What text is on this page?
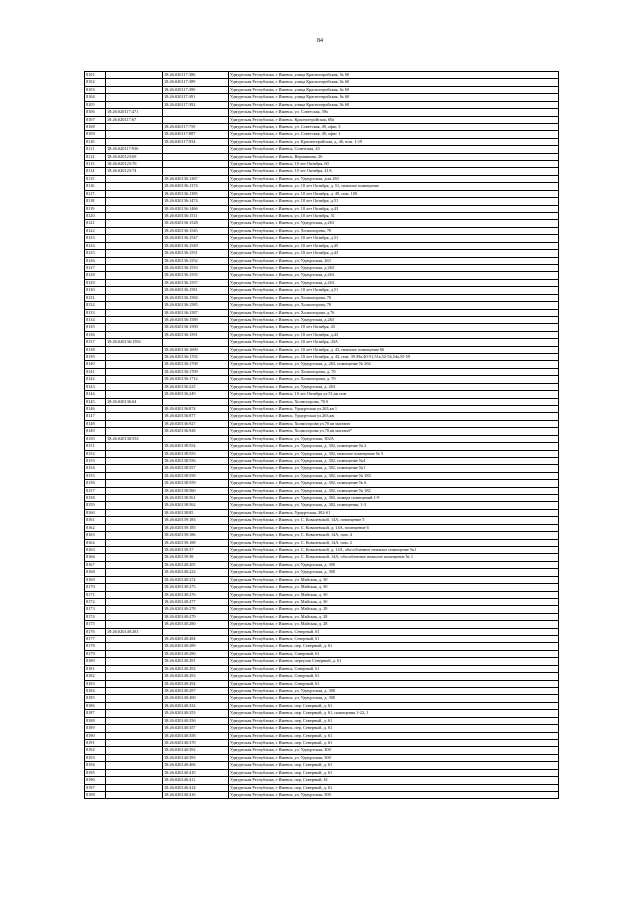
84
8101		18:26:020117:386	Удмуртская Республика, г Ижевск, улица Красногеройская, № 60
8102		18:26:020117:389	Удмуртская Республика, г Ижевск, улица Красногеройская, № 60
8103		18:26:020117:390	Удмуртская Республика, г Ижевск, улица Красногеройская, № 60
8104		18:26:020117:391	Удмуртская Республика, г Ижевск, улица Красногеройская, № 60
8105		18:26:020117:392	Удмуртская Республика, г Ижевск, улица Красногеройская, № 60
8106	18:26:020117:471		Удмуртская Республика, г Ижевск, ул. Советская, 39а
8107	18:26:020117:67		Удмуртская Республика, г Ижевск, Красногеройская, 60а
8108		18:26:020117:759	Удмуртская Республика, г Ижевск, ул. Советская, 49, офис 3
8109		18:26:020117:887	Удмуртская Республика, г Ижевск, ул. Советская, 49, офис 1
8110		18:26:020117:934	Удмуртская Республика, г Ижевск, ул. Красногеройская, д. 46, пом. 1-19
8111	18:26:020117:936		Удмуртская Республика, г Ижевск, Советская, 43
8112	18:26:020123:69		Удмуртская Республика, г Ижевск, Вершинина, 26
8113	18:26:020123:70		Удмуртская Республика, г Ижевск, 10 лет Октября, 60
8114	18:26:020123:74		Удмуртская Республика, г Ижевск, 10 лет Октября, 41А
8115		18:26:020136:1367	Удмуртская Республика, г Ижевск, ул. Удмуртская, дом 263
8116		18:26:020136:1374	Удмуртская Республика, г Ижевск, ул. 10 лет Октября, д. 51, нежилое помещение
8117		18:26:020136:1385	Удмуртская Республика, г Ижевск, ул. 10 лет Октября, д. 49, пом. 100
8118		18:26:020136:1474	Удмуртская Республика, г Ижевск, ул. 10 лет Октября, д.51
8119		18:26:020136:1466	Удмуртская Республика, г Ижевск, ул. 10 лет Октября, д.43
8120		18:26:020136:1511	Удмуртская Республика, г Ижевск, ул. 10 лет Октября, 51
8121		18:26:020136:1528	Удмуртская Республика, г Ижевск, ул. Удмуртская, д.263
8122		18:26:020136:1545	Удмуртская Республика, г Ижевск, ул. Холмогорова, 70
8123		18:26:020136:1547	Удмуртская Республика, г Ижевск, ул. 10 лет Октября, д.51
8124		18:26:020136:1549	Удмуртская Республика, г Ижевск, ул. 10 лет Октября, д.45
8125		18:26:020136:1551	Удмуртская Республика, г Ижевск, ул. 10 лет Октября, д.43
8126		18:26:020136:1552	Удмуртская Республика, г Ижевск, ул. Удмуртская, 263
8127		18:26:020136:1553	Удмуртская Республика, г Ижевск, ул. Удмуртская, д.263
8128		18:26:020136:1555	Удмуртская Республика, г Ижевск, ул. Удмуртская, д.263
8129		18:26:020136:1557	Удмуртская Республика, г Ижевск, ул. Удмуртская, д.263
8130		18:26:020136:1581	Удмуртская Республика, г Ижевск, ул. 10 лет Октября, д.51
8131		18:26:020136:1584	Удмуртская Республика, г Ижевск, ул. Холмогорова, 70
8132		18:26:020136:1585	Удмуртская Республика, г Ижевск, ул. Холмогорова, 70
8133		18:26:020136:1587	Удмуртская Республика, г Ижевск, ул. Холмогорова, д.76
8134		18:26:020136:1589	Удмуртская Республика, г Ижевск, ул. Удмуртская, д.263
8135		18:26:020136:1590	Удмуртская Республика, г Ижевск, ул. 10 лет Октября, 43
8136		18:26:020136:1591	Удмуртская Республика, г Ижевск, ул. 10 лет Октября, д.43
8137	18:26:020136:1592		Удмуртская Республика, г Ижевск, ул. 10 лет Октября, 43А
8138		18:26:020136:1699	Удмуртская Республика, г Ижевск, ул. 10 лет Октября, д. 43, нежилое помещение 66
8139		18:26:020136:1702	Удмуртская Республика, г Ижевск, ул. 10 лет Октября, д. 43, пом. 39,39а,40-51,51а,52-54,54а,55-59
8140		18:26:020136:1708	Удмуртская Республика, г Ижевск, ул. Удмуртская, д. 263, помещение № 264
8141		18:26:020136:1709	Удмуртская Республика, г Ижевск, ул. Холмогорова, д. 70
8142		18:26:020136:1712	Удмуртская Республика, г Ижевск, ул. Холмогорова, д. 70
8143		18:26:020136:223	Удмуртская Республика, г Ижевск, ул. Удмуртская, д. 263
8144		18:26:020136:249	Удмуртская Республика, г Ижевск, 10 лет Октября ул.51,ки пом
8145	18:26:020136:64		Удмуртская Республика, г Ижевск, Холмогорова, 70 б
8146		18:26:020136:874	Удмуртская Республика, г Ижевск, Удмуртская ул.263,кв 1
8147		18:26:020136:877	Удмуртская Республика, г Ижевск, Удмуртская ул.263,кв.
8148		18:26:020136:927	Удмуртская Республика, г Ижевск, Холмогорова ул.70 кв магазин
8149		18:26:020136:928	Удмуртская Республика, г Ижевск, Холмогорова ул.70,кв магазин*
8150	18:26:020138:553		Удмуртская Республика, г Ижевск, ул. Удмуртская, 302А
8151		18:26:020138:554	Удмуртская Республика, г Ижевск, ул. Удмуртская, д. 302, помещение № 2
8152		18:26:020138:555	Удмуртская Республика, г Ижевск, ул. Удмуртская, д. 302, нежилое помещение № 5
8153		18:26:020138:556	Удмуртская Республика, г Ижевск, ул. Удмуртская, д. 302, помещение №4
8154		18:26:020138:557	Удмуртская Республика, г Ижевск, ул. Удмуртская, д. 302, помещение №1
8155		18:26:020138:558	Удмуртская Республика, г Ижевск, ул. Удмуртская, д. 302, помещение № 183
8156		18:26:020138:559	Удмуртская Республика, г Ижевск, ул. Удмуртская, д. 302, помещение № 6
8157		18:26:020138:560	Удмуртская Республика, г Ижевск, ул. Удмуртская, д. 302, помещение № 182
8158		18:26:020138:561	Удмуртская Республика, г Ижевск, ул. Удмуртская, д. 302, номера помещений 1-9
8159		18:26:020138:562	Удмуртская Республика, г Ижевск, ул. Удмуртская, д. 302, помещения, 1-3
8160		18:26:020138:85	Удмуртская Республика, г Ижевск, Удмуртская, 302-б1
8161		18:26:020139:183	Удмуртская Республика, г Ижевск, ул. С. Ковалевской, 14А, помещение 5
8162		18:26:020139:185	Удмуртская Республика, г Ижевск, ул. С. Ковалевской, д. 14А, помещение 6
8163		18:26:020139:186	Удмуртская Республика, г Ижевск, ул. С. Ковалевской, 14А, пом. 4
8164		18:26:020139:188	Удмуртская Республика, г Ижевск, ул. С. Ковалевской, 14А, пом. 2
8165		18:26:020139:37	Удмуртская Республика, г Ижевск, ул. С. Ковалевской, д. 14А, обособленное нежилое помещение №1
8166		18:26:020139:38	Удмуртская Республика, г Ижевск, ул. С. Ковалевской, 14А, обособленное нежилое помещение № 1
8167		18:26:020140:205	Удмуртская Республика, г Ижевск, ул. Удмуртская, д. 300
8168		18:26:020140:223	Удмуртская Республика, г Ижевск, ул. Удмуртская, д. 300
8169		18:26:020140:274	Удмуртская Республика, г Ижевск, ул. Майская, д. 30
8170		18:26:020140:275	Удмуртская Республика, г Ижевск, ул. Майская, д. 30
8171		18:26:020140:276	Удмуртская Республика, г Ижевск, ул. Майская, д. 30
8172		18:26:020140:277	Удмуртская Республика, г Ижевск, ул. Майская, д. 30
8173		18:26:020140:278	Удмуртская Республика, г Ижевск, ул. Майская, д. 28
8174		18:26:020140:279	Удмуртская Республика, г Ижевск, ул. Майская, д. 28
8175		18:26:020140:280	Удмуртская Республика, г Ижевск, ул. Майская, д. 28
8176	18:26:020140:281		Удмуртская Республика, г Ижевск, Северный, 61
8177		18:26:020140:284	Удмуртская Республика, г Ижевск, Северный, 61
8178		18:26:020140:289	Удмуртская Республика, г Ижевск, пер. Северный, д. 61
8179		18:26:020140:290	Удмуртская Республика, г Ижевск, Северный, 61
8180		18:26:020140:291	Удмуртская Республика, г Ижевск, переулок Северный, д. 61
8181		18:26:020140:292	Удмуртская Республика, г Ижевск, Северный, 61
8182		18:26:020140:293	Удмуртская Республика, г Ижевск, Северный, 61
8183		18:26:020140:294	Удмуртская Республика, г Ижевск, Северный, 61
8184		18:26:020140:297	Удмуртская Республика, г Ижевск, ул. Удмуртская, д. 300
8185		18:26:020140:300	Удмуртская Республика, г Ижевск, ул. Удмуртская, д. 300
8186		18:26:020140:332	Удмуртская Республика, г Ижевск, пер. Северный, д. 61
8187		18:26:020140:353	Удмуртская Республика, г Ижевск, пер. Северный, д. 61, помещения 1-22, 1
8188		18:26:020140:356	Удмуртская Республика, г Ижевск, пер. Северный, д. 61
8189		18:26:020140:357	Удмуртская Республика, г Ижевск, пер. Северный, д. 61
8190		18:26:020140:358	Удмуртская Республика, г Ижевск, пер. Северный, д. 61
8191		18:26:020140:370	Удмуртская Республика, г Ижевск, пер. Северный, д. 61
8192		18:26:020140:392	Удмуртская Республика, г Ижевск, ул. Удмуртская, 300
8193		18:26:020140:393	Удмуртская Республика, г Ижевск, ул. Удмуртская, 300
8194		18:26:020140:406	Удмуртская Республика, г Ижевск, пер. Северный, д. 61
8195		18:26:020140:410	Удмуртская Республика, г Ижевск, пер. Северный, д. 61
8196		18:26:020140:411	Удмуртская Республика, г Ижевск, пер. Северный, 61
8197		18:26:020140:414	Удмуртская Республика, г Ижевск, пер. Северный, д. 61
8198		18:26:020140:416	Удмуртская Республика, г Ижевск, ул. Удмуртская, 300
